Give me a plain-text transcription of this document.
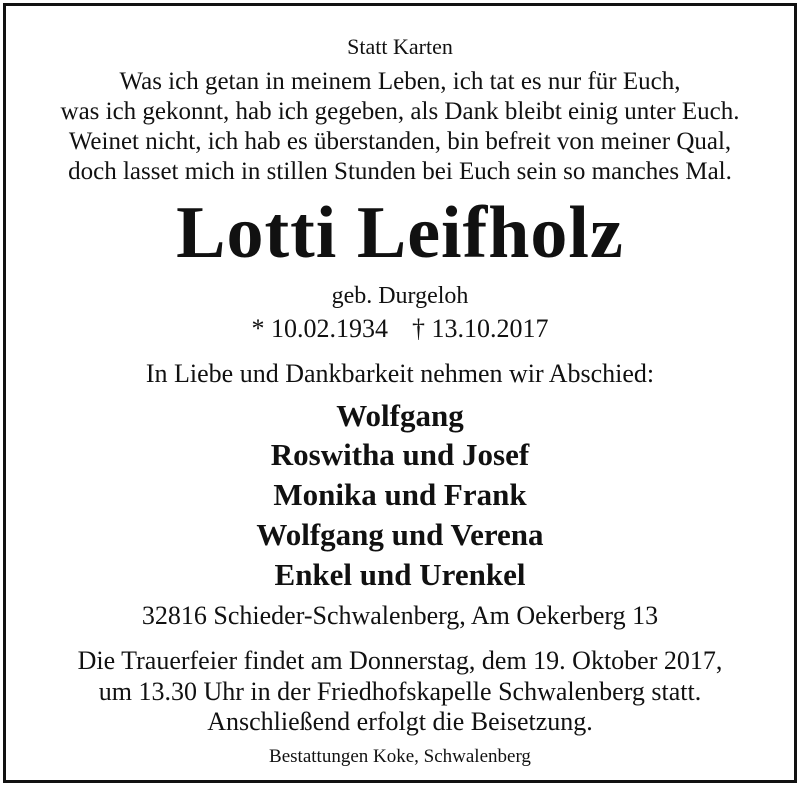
Statt Karten
Was ich getan in meinem Leben, ich tat es nur für Euch,
was ich gekonnt, hab ich gegeben, als Dank bleibt einig unter Euch.
Weinet nicht, ich hab es überstanden, bin befreit von meiner Qual,
doch lasset mich in stillen Stunden bei Euch sein so manches Mal.
Lotti Leifholz
geb. Durgeloh
* 10.02.1934 † 13.10.2017
In Liebe und Dankbarkeit nehmen wir Abschied:
Wolfgang
Roswitha und Josef
Monika und Frank
Wolfgang und Verena
Enkel und Urenkel
32816 Schieder-Schwalenberg, Am Oekerberg 13
Die Trauerfeier findet am Donnerstag, dem 19. Oktober 2017,
um 13.30 Uhr in der Friedhofskapelle Schwalenberg statt.
Anschließend erfolgt die Beisetzung.
Bestattungen Koke, Schwalenberg
